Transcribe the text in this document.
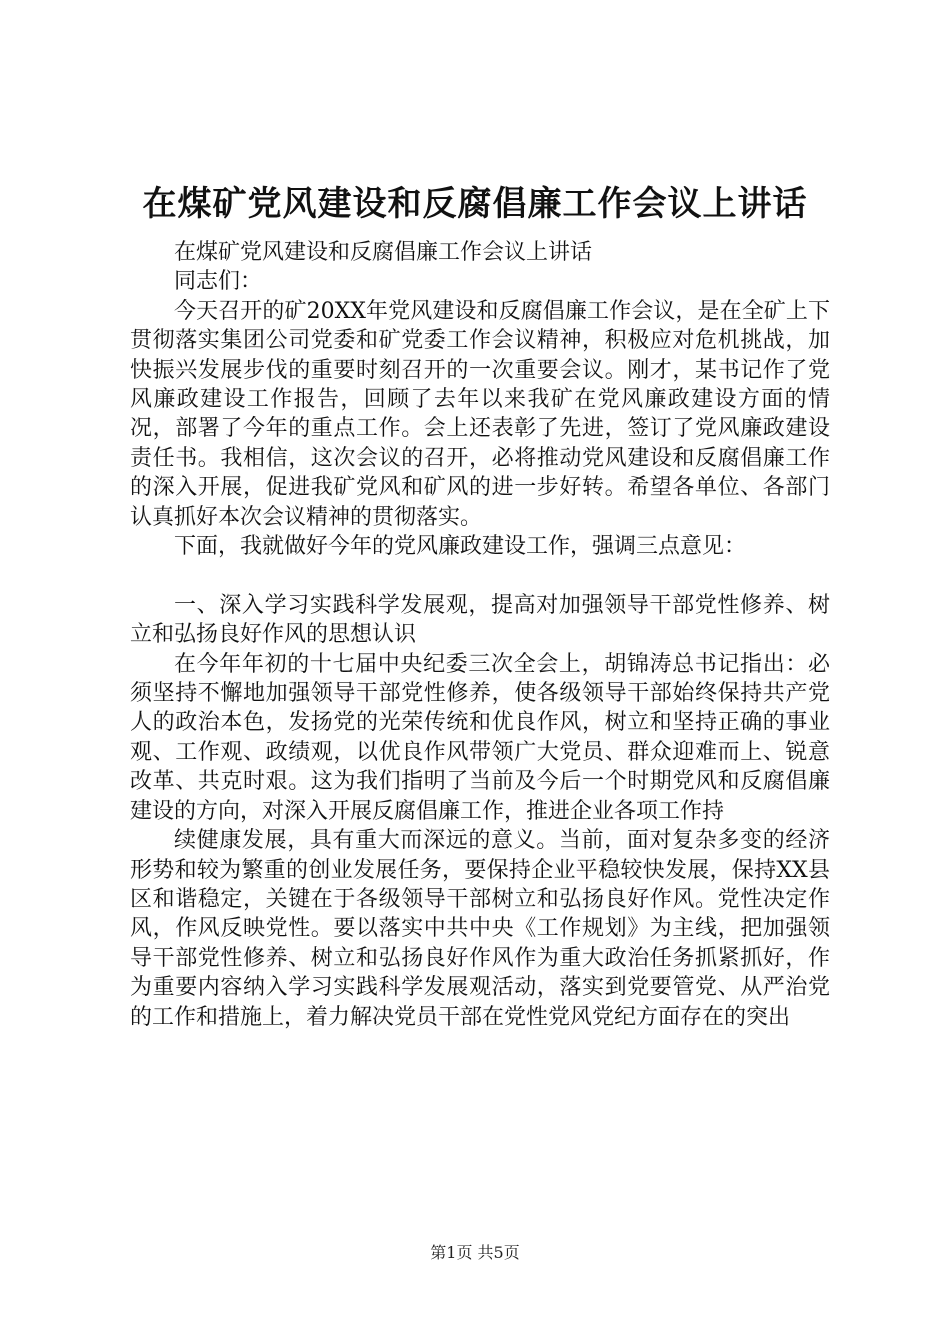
在煤矿党风建设和反腐倡廉工作会议上讲话

在煤矿党风建设和反腐倡廉工作会议上讲话

同志们：

今天召开的矿20XX年党风建设和反腐倡廉工作会议，是在全矿上下贯彻落实集团公司党委和矿党委工作会议精神，积极应对危机挑战，加快振兴发展步伐的重要时刻召开的一次重要会议。刚才，某书记作了党风廉政建设工作报告，回顾了去年以来我矿在党风廉政建设方面的情况，部署了今年的重点工作。会上还表彰了先进，签订了党风廉政建设责任书。我相信，这次会议的召开，必将推动党风建设和反腐倡廉工作的深入开展，促进我矿党风和矿风的进一步好转。希望各单位、各部门认真抓好本次会议精神的贯彻落实。

下面，我就做好今年的党风廉政建设工作，强调三点意见：

一、深入学习实践科学发展观，提高对加强领导干部党性修养、树立和弘扬良好作风的思想认识

在今年年初的十七届中央纪委三次全会上，胡锦涛总书记指出：必须坚持不懈地加强领导干部党性修养，使各级领导干部始终保持共产党人的政治本色，发扬党的光荣传统和优良作风，树立和坚持正确的事业观、工作观、政绩观，以优良作风带领广大党员、群众迎难而上、锐意改革、共克时艰。这为我们指明了当前及今后一个时期党风和反腐倡廉建设的方向，对深入开展反腐倡廉工作，推进企业各项工作持

续健康发展，具有重大而深远的意义。当前，面对复杂多变的经济形势和较为繁重的创业发展任务，要保持企业平稳较快发展，保持XX县区和谐稳定，关键在于各级领导干部树立和弘扬良好作风。党性决定作风，作风反映党性。要以落实中共中央《工作规划》为主线，把加强领导干部党性修养、树立和弘扬良好作风作为重大政治任务抓紧抓好，作为重要内容纳入学习实践科学发展观活动，落实到党要管党、从严治党的工作和措施上，着力解决党员干部在党性党风党纪方面存在的突出

第1页 共5页
